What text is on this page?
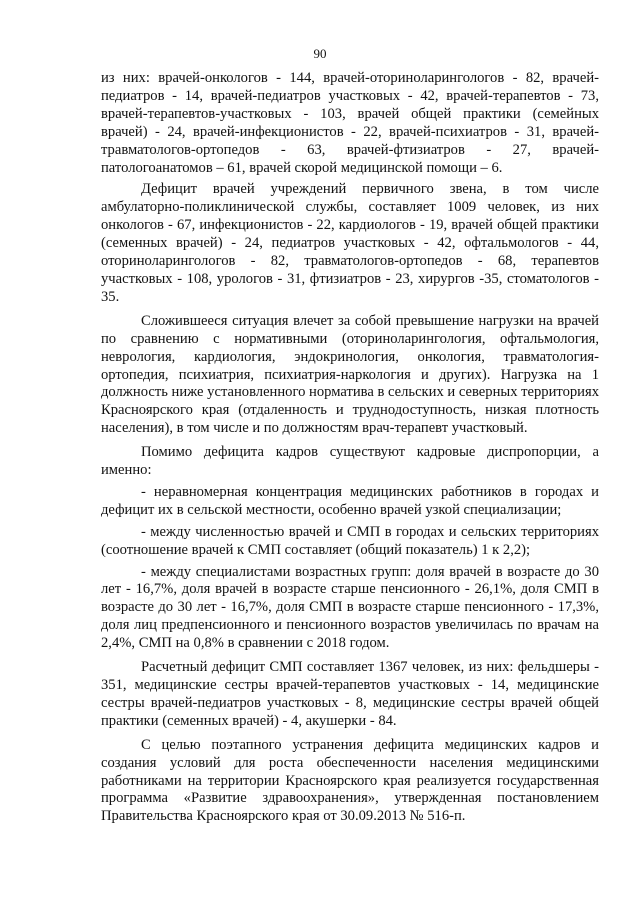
90

из них: врачей-онкологов - 144, врачей-оториноларингологов - 82, врачей-педиатров - 14, врачей-педиатров участковых - 42, врачей-терапевтов - 73, врачей-терапевтов-участковых - 103, врачей общей практики (семейных врачей) - 24, врачей-инфекционистов - 22, врачей-психиатров - 31, врачей-травматологов-ортопедов - 63, врачей-фтизиатров - 27, врачей-патологоанатомов – 61, врачей скорой медицинской помощи – 6.

Дефицит врачей учреждений первичного звена, в том числе амбулаторно-поликлинической службы, составляет 1009 человек, из них онкологов - 67, инфекционистов - 22, кардиологов - 19, врачей общей практики (семенных врачей) - 24, педиатров участковых - 42, офтальмологов - 44, оториноларингологов - 82, травматологов-ортопедов - 68, терапевтов участковых - 108, урологов - 31, фтизиатров - 23, хирургов -35, стоматологов - 35.

Сложившееся ситуация влечет за собой превышение нагрузки на врачей по сравнению с нормативными (оториноларингология, офтальмология, неврология, кардиология, эндокринология, онкология, травматология-ортопедия, психиатрия, психиатрия-наркология и других). Нагрузка на 1 должность ниже установленного норматива в сельских и северных территориях Красноярского края (отдаленность и труднодоступность, низкая плотность населения), в том числе и по должностям врач-терапевт участковый.

Помимо дефицита кадров существуют кадровые диспропорции, а именно:

- неравномерная концентрация медицинских работников в городах и дефицит их в сельской местности, особенно врачей узкой специализации;

- между численностью врачей и СМП в городах и сельских территориях (соотношение врачей к СМП составляет (общий показатель) 1 к 2,2);

- между специалистами возрастных групп: доля врачей в возрасте до 30 лет - 16,7%, доля врачей в возрасте старше пенсионного - 26,1%, доля СМП в возрасте до 30 лет - 16,7%, доля СМП в возрасте старше пенсионного - 17,3%, доля лиц предпенсионного и пенсионного возрастов увеличилась по врачам на 2,4%, СМП на 0,8% в сравнении с 2018 годом.

Расчетный дефицит СМП составляет 1367 человек, из них: фельдшеры - 351, медицинские сестры врачей-терапевтов участковых - 14, медицинские сестры врачей-педиатров участковых - 8, медицинские сестры врачей общей практики (семенных врачей) - 4, акушерки - 84.

С целью поэтапного устранения дефицита медицинских кадров и создания условий для роста обеспеченности населения медицинскими работниками на территории Красноярского края реализуется государственная программа «Развитие здравоохранения», утвержденная постановлением Правительства Красноярского края от 30.09.2013 № 516-п.
